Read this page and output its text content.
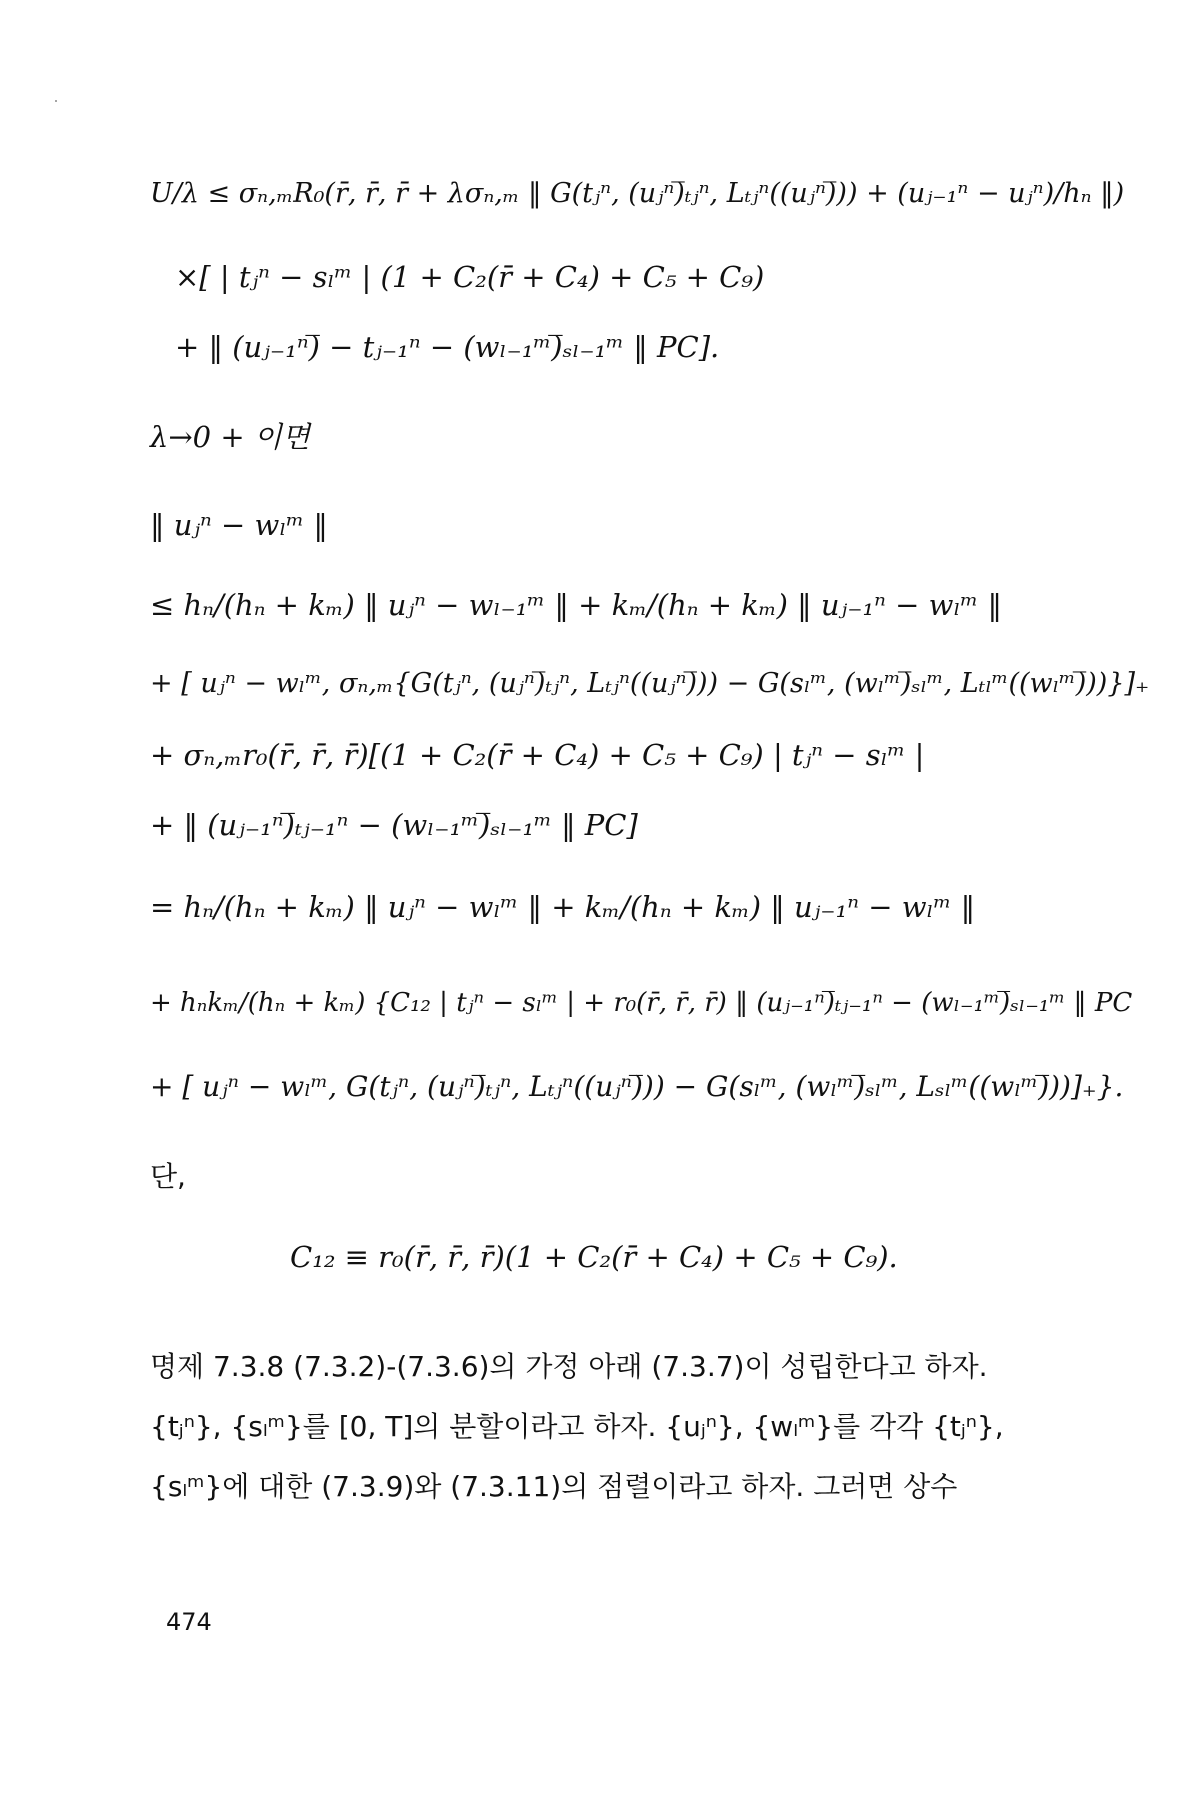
U/λ ≤ σₙ,ₘR₀(r̄, r̄, r̄ + λσₙ,ₘ ‖ G(tⱼⁿ, (uⱼⁿ)̅ₜⱼⁿ, Lₜⱼⁿ((uⱼⁿ)̅)) + (uⱼ₋₁ⁿ − uⱼⁿ)/hₙ ‖)
×[ | tⱼⁿ − sₗᵐ | (1 + C₂(r̄ + C₄) + C₅ + C₉)
+ ‖ (uⱼ₋₁ⁿ)̅ − tⱼ₋₁ⁿ − (wₗ₋₁ᵐ)̅ₛₗ₋₁ᵐ ‖ PC].
λ→0 + 이면
‖ uⱼⁿ − wₗᵐ ‖
≤ hₙ/(hₙ + kₘ) ‖ uⱼⁿ − wₗ₋₁ᵐ ‖ + kₘ/(hₙ + kₘ) ‖ uⱼ₋₁ⁿ − wₗᵐ ‖
+ [ uⱼⁿ − wₗᵐ, σₙ,ₘ{G(tⱼⁿ, (uⱼⁿ)̅ₜⱼⁿ, Lₜⱼⁿ((uⱼⁿ)̅)) − G(sₗᵐ, (wₗᵐ)̅ₛₗᵐ, Lₜₗᵐ((wₗᵐ)̅))}]₊
+ σₙ,ₘr₀(r̄, r̄, r̄)[(1 + C₂(r̄ + C₄) + C₅ + C₉) | tⱼⁿ − sₗᵐ |
+ ‖ (uⱼ₋₁ⁿ)̅ₜⱼ₋₁ⁿ − (wₗ₋₁ᵐ)̅ₛₗ₋₁ᵐ ‖ PC]
= hₙ/(hₙ + kₘ) ‖ uⱼⁿ − wₗᵐ ‖ + kₘ/(hₙ + kₘ) ‖ uⱼ₋₁ⁿ − wₗᵐ ‖
+ hₙkₘ/(hₙ + kₘ) {C₁₂ | tⱼⁿ − sₗᵐ | + r₀(r̄, r̄, r̄) ‖ (uⱼ₋₁ⁿ)̅ₜⱼ₋₁ⁿ − (wₗ₋₁ᵐ)̅ₛₗ₋₁ᵐ ‖ PC
+ [ uⱼⁿ − wₗᵐ, G(tⱼⁿ, (uⱼⁿ)̅ₜⱼⁿ, Lₜⱼⁿ((uⱼⁿ)̅)) − G(sₗᵐ, (wₗᵐ)̅ₛₗᵐ, Lₛₗᵐ((wₗᵐ)̅))]₊}.
단,
C₁₂ ≡ r₀(r̄, r̄, r̄)(1 + C₂(r̄ + C₄) + C₅ + C₉).
명제 7.3.8 (7.3.2)-(7.3.6)의 가정 아래 (7.3.7)이 성립한다고 하자.
{tⱼⁿ}, {sₗᵐ}를 [0, T]의 분할이라고 하자. {uⱼⁿ}, {wₗᵐ}를 각각 {tⱼⁿ},
{sₗᵐ}에 대한 (7.3.9)와 (7.3.11)의 점렬이라고 하자. 그러면 상수
474
